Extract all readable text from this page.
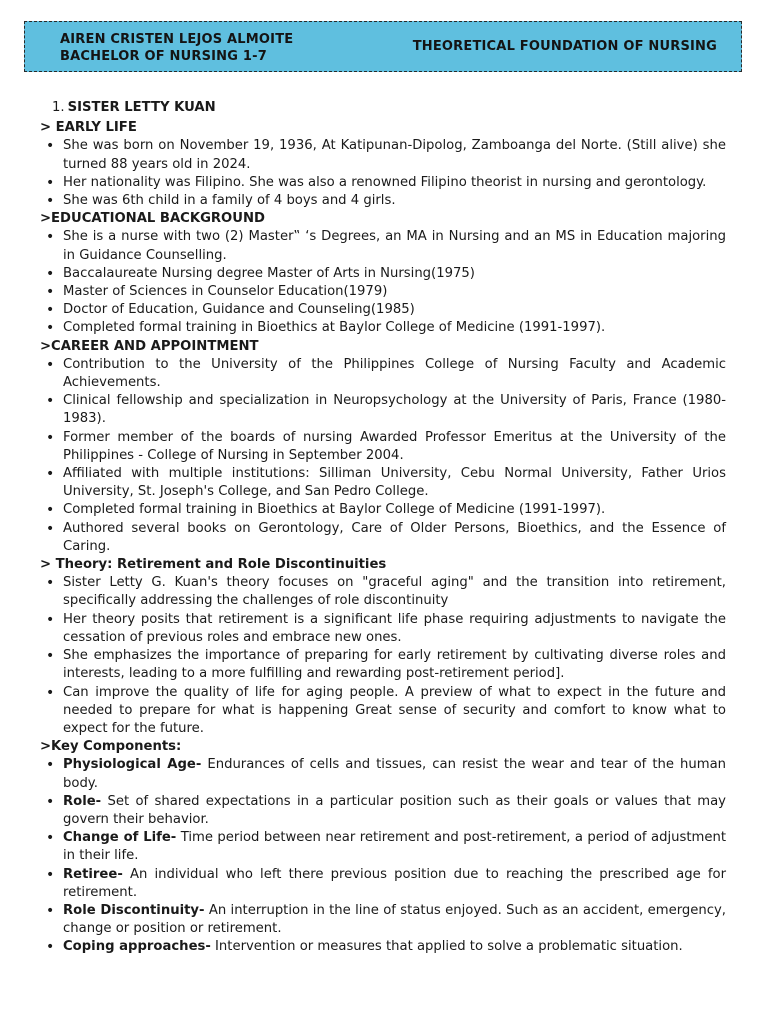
AIREN CRISTEN LEJOS ALMOITE
BACHELOR OF NURSING 1-7
THEORETICAL FOUNDATION OF NURSING
1. SISTER LETTY KUAN
> EARLY LIFE
• She was born on November 19, 1936, At Katipunan-Dipolog, Zamboanga del Norte. (Still alive) she turned 88 years old in 2024.
• Her nationality was Filipino. She was also a renowned Filipino theorist in nursing and gerontology.
• She was 6th child in a family of 4 boys and 4 girls.
>EDUCATIONAL BACKGROUND
• She is a nurse with two (2) Master‟ ‘s Degrees, an MA in Nursing and an MS in Education majoring in Guidance Counselling.
• Baccalaureate Nursing degree Master of Arts in Nursing(1975)
• Master of Sciences in Counselor Education(1979)
• Doctor of Education, Guidance and Counseling(1985)
• Completed formal training in Bioethics at Baylor College of Medicine (1991-1997).
>CAREER AND APPOINTMENT
• Contribution to the University of the Philippines College of Nursing Faculty and Academic Achievements.
• Clinical fellowship and specialization in Neuropsychology at the University of Paris, France (1980-1983).
• Former member of the boards of nursing Awarded Professor Emeritus at the University of the Philippines - College of Nursing in September 2004.
• Affiliated with multiple institutions: Silliman University, Cebu Normal University, Father Urios University, St. Joseph's College, and San Pedro College.
• Completed formal training in Bioethics at Baylor College of Medicine (1991-1997).
• Authored several books on Gerontology, Care of Older Persons, Bioethics, and the Essence of Caring.
> Theory: Retirement and Role Discontinuities
• Sister Letty G. Kuan's theory focuses on "graceful aging" and the transition into retirement, specifically addressing the challenges of role discontinuity
• Her theory posits that retirement is a significant life phase requiring adjustments to navigate the cessation of previous roles and embrace new ones.
• She emphasizes the importance of preparing for early retirement by cultivating diverse roles and interests, leading to a more fulfilling and rewarding post-retirement period].
• Can improve the quality of life for aging people. A preview of what to expect in the future and needed to prepare for what is happening Great sense of security and comfort to know what to expect for the future.
>Key Components:
• Physiological Age- Endurances of cells and tissues, can resist the wear and tear of the human body.
• Role- Set of shared expectations in a particular position such as their goals or values that may govern their behavior.
• Change of Life- Time period between near retirement and post-retirement, a period of adjustment in their life.
• Retiree- An individual who left there previous position due to reaching the prescribed age for retirement.
• Role Discontinuity- An interruption in the line of status enjoyed. Such as an accident, emergency, change or position or retirement.
• Coping approaches- Intervention or measures that applied to solve a problematic situation.
